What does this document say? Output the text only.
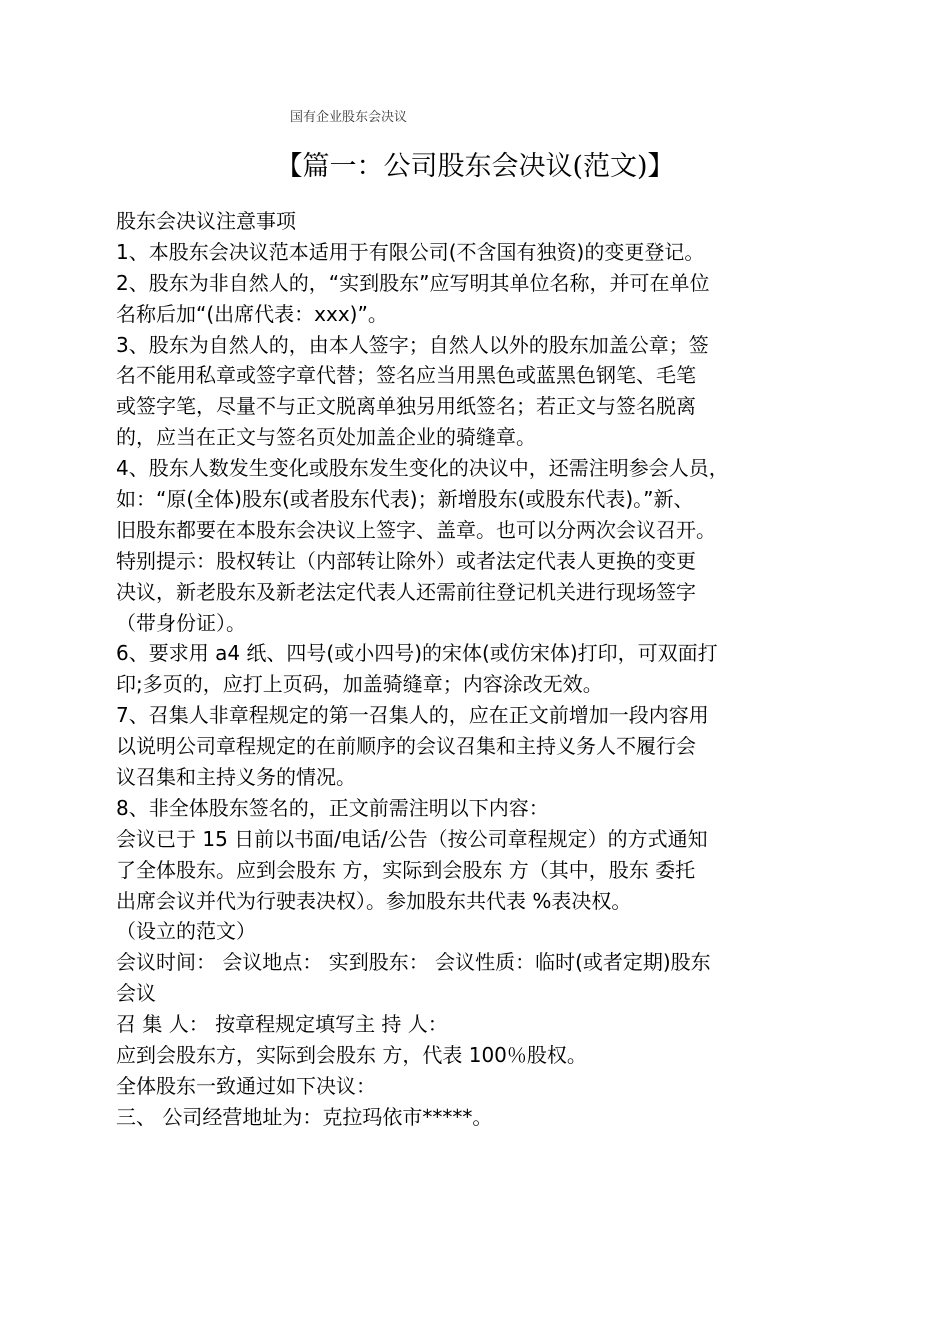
国有企业股东会决议
【篇一：公司股东会决议(范文)】
股东会决议注意事项
1、本股东会决议范本适用于有限公司(不含国有独资)的变更登记。
2、股东为非自然人的，“实到股东”应写明其单位名称，并可在单位
名称后加“(出席代表：xxx)”。
3、股东为自然人的，由本人签字；自然人以外的股东加盖公章；签
名不能用私章或签字章代替；签名应当用黑色或蓝黑色钢笔、毛笔
或签字笔，尽量不与正文脱离单独另用纸签名；若正文与签名脱离
的，应当在正文与签名页处加盖企业的骑缝章。
4、股东人数发生变化或股东发生变化的决议中，还需注明参会人员，
如：“原(全体)股东(或者股东代表)；新增股东(或股东代表)。”新、
旧股东都要在本股东会决议上签字、盖章。也可以分两次会议召开。
特别提示：股权转让（内部转让除外）或者法定代表人更换的变更
决议，新老股东及新老法定代表人还需前往登记机关进行现场签字
（带身份证）。
6、要求用 a4 纸、四号(或小四号)的宋体(或仿宋体)打印，可双面打
印;多页的，应打上页码，加盖骑缝章；内容涂改无效。
7、召集人非章程规定的第一召集人的，应在正文前增加一段内容用
以说明公司章程规定的在前顺序的会议召集和主持义务人不履行会
议召集和主持义务的情况。
8、非全体股东签名的，正文前需注明以下内容：
会议已于 15 日前以书面/电话/公告（按公司章程规定）的方式通知
了全体股东。应到会股东 方，实际到会股东 方（其中，股东 委托
出席会议并代为行驶表决权）。参加股东共代表 %表决权。
（设立的范文）
会议时间： 会议地点： 实到股东： 会议性质：临时(或者定期)股东
会议
召 集 人： 按章程规定填写主 持 人：
应到会股东方，实际到会股东 方，代表 100％股权。
全体股东一致通过如下决议：
三、 公司经营地址为：克拉玛依市*****。
